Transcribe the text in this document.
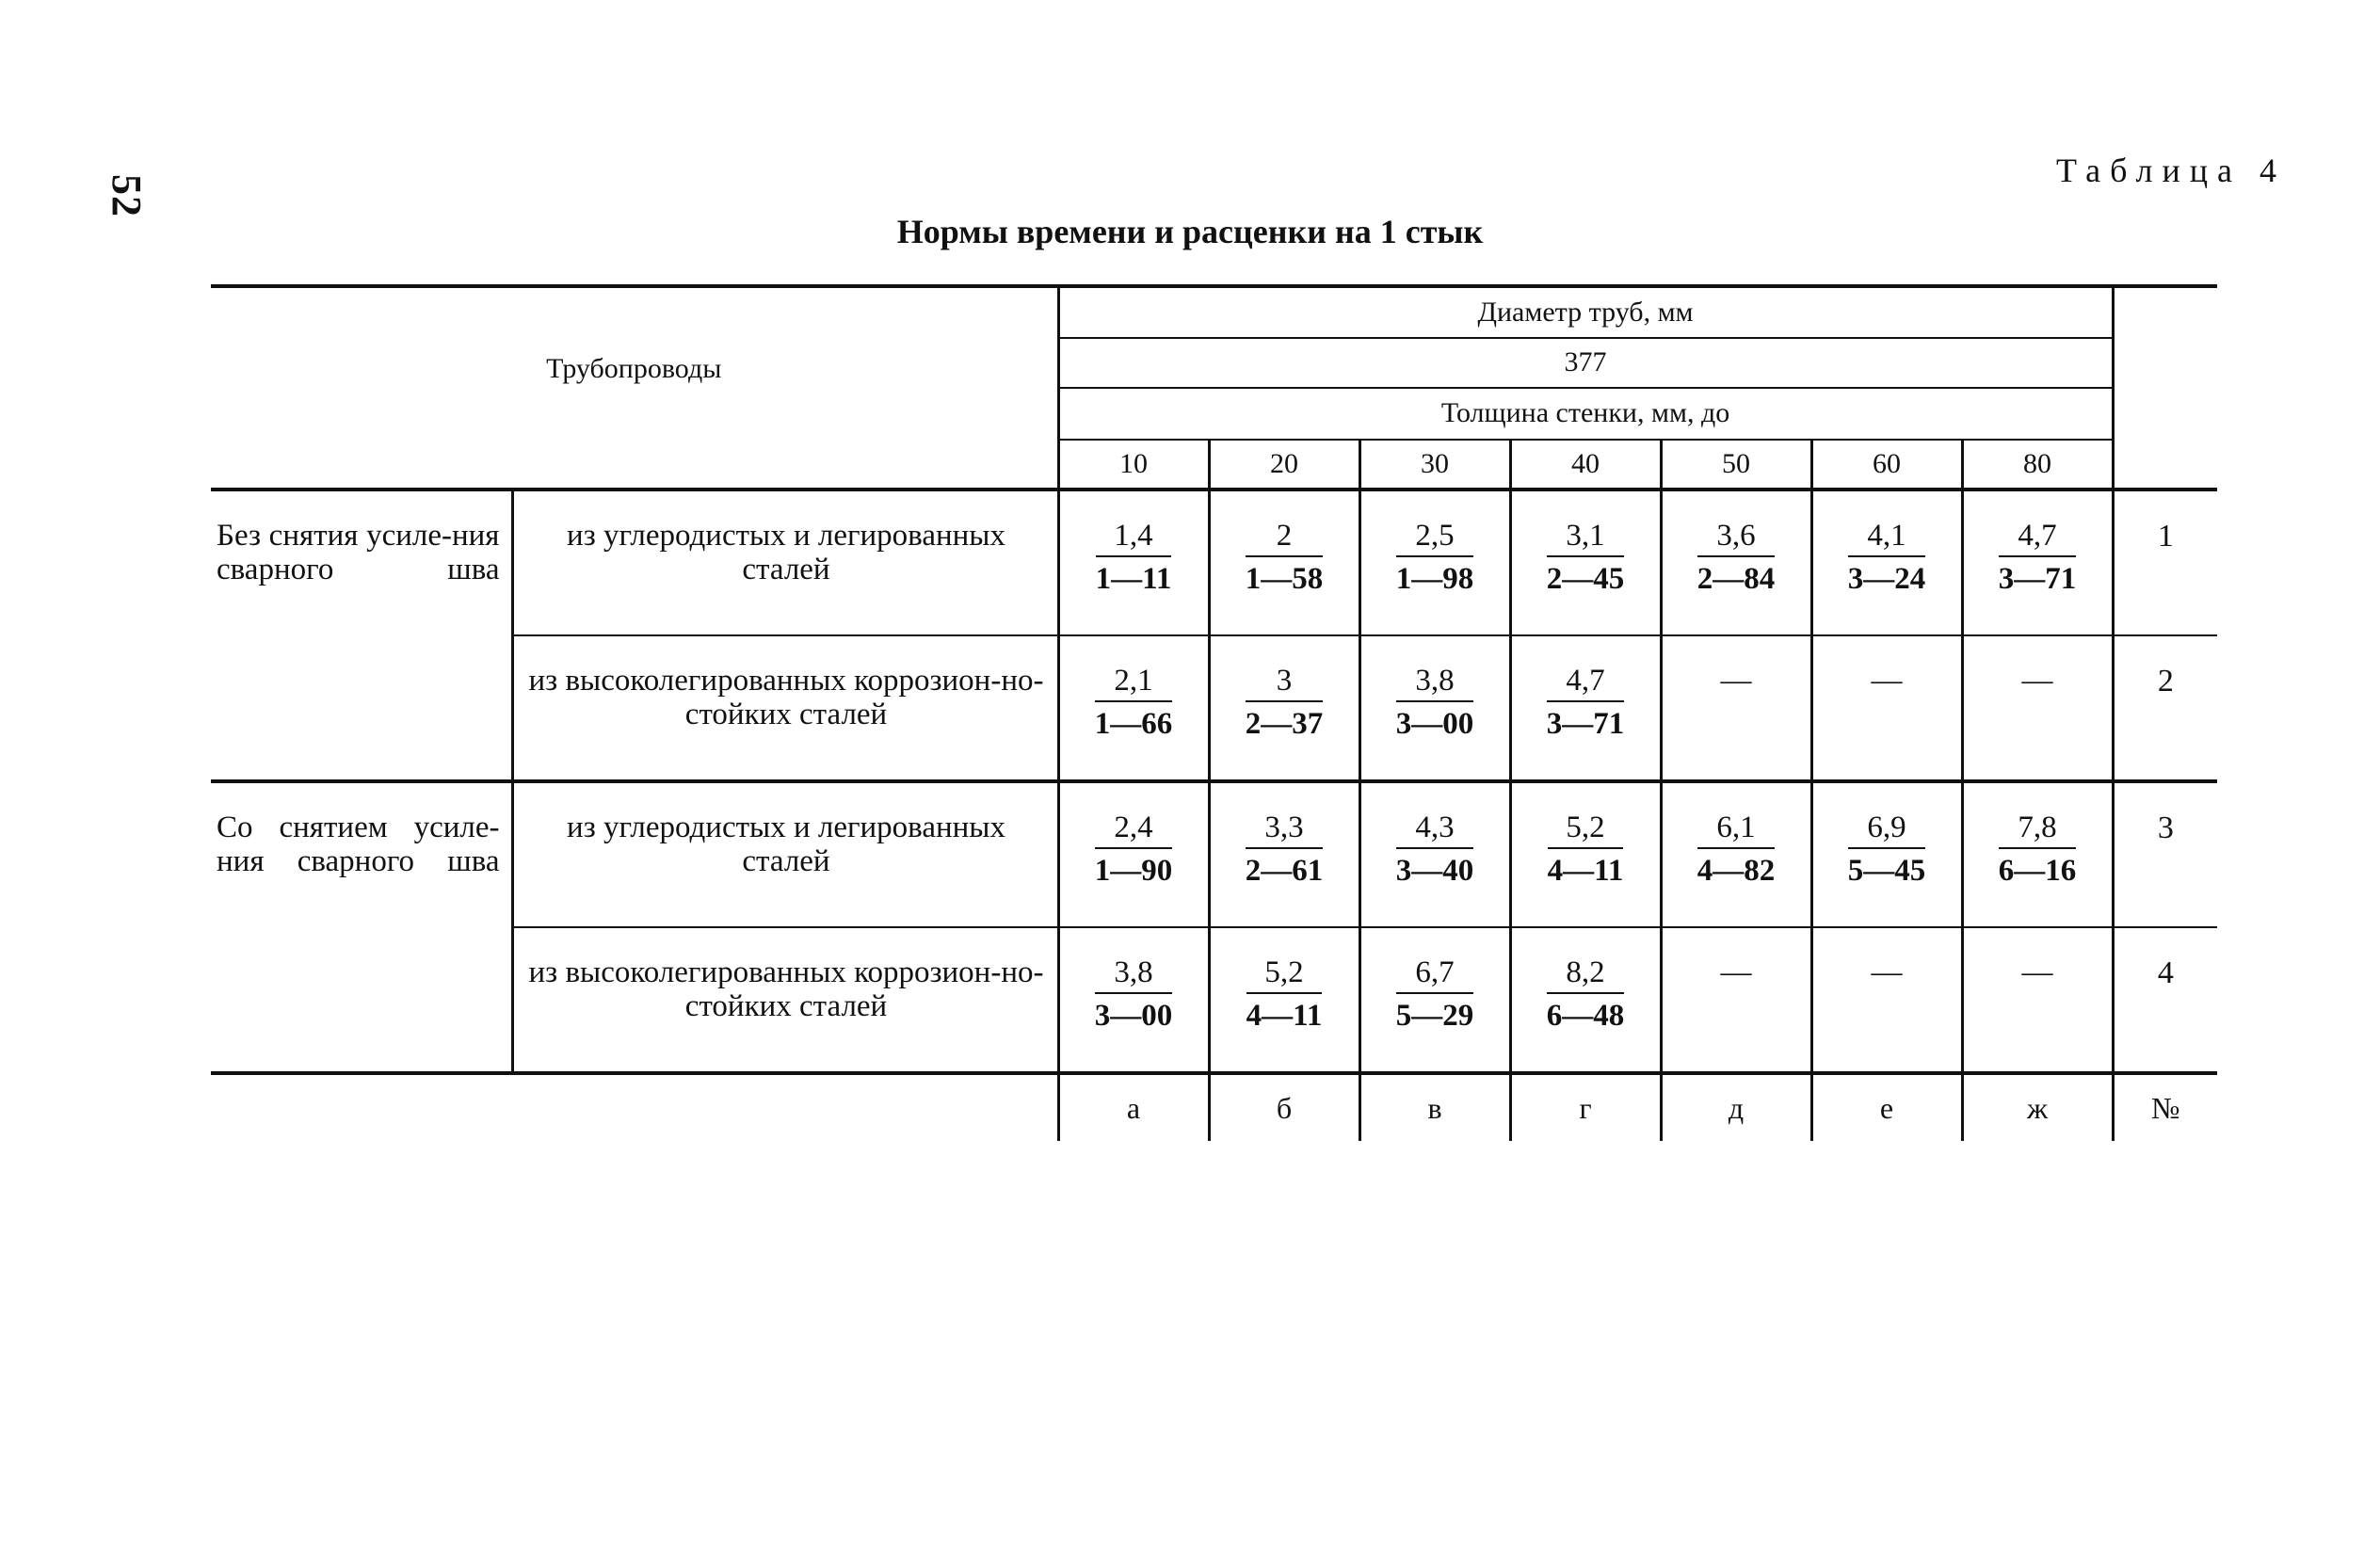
52
Таблица 4
Нормы времени и расценки на 1 стык
Трубопроводы		Диаметр труб, мм							
		377							
		Толщина стенки, мм, до							
		10	20	30	40	50	60	80	
Без снятия усиле-ния сварного шва	из углеродистых и легированных сталей	$\frac{1,4}{1—11}$	$\frac{2}{1—58}$	$\frac{2,5}{1—98}$	$\frac{3,1}{2—45}$	$\frac{3,6}{2—84}$	$\frac{4,1}{3—24}$	$\frac{4,7}{3—71}$	1
	из высоколегированных коррозион-но-стойких сталей	$\frac{2,1}{1—66}$	$\frac{3}{2—37}$	$\frac{3,8}{3—00}$	$\frac{4,7}{3—71}$	—	—	—	2
Со снятием усиле-ния сварного шва	из углеродистых и легированных сталей	$\frac{2,4}{1—90}$	$\frac{3,3}{2—61}$	$\frac{4,3}{3—40}$	$\frac{5,2}{4—11}$	$\frac{6,1}{4—82}$	$\frac{6,9}{5—45}$	$\frac{7,8}{6—16}$	3
	из высоколегированных коррозион-но-стойких сталей	$\frac{3,8}{3—00}$	$\frac{5,2}{4—11}$	$\frac{6,7}{5—29}$	$\frac{8,2}{6—48}$	—	—	—	4
		а	б	в	г	д	е	ж	№
